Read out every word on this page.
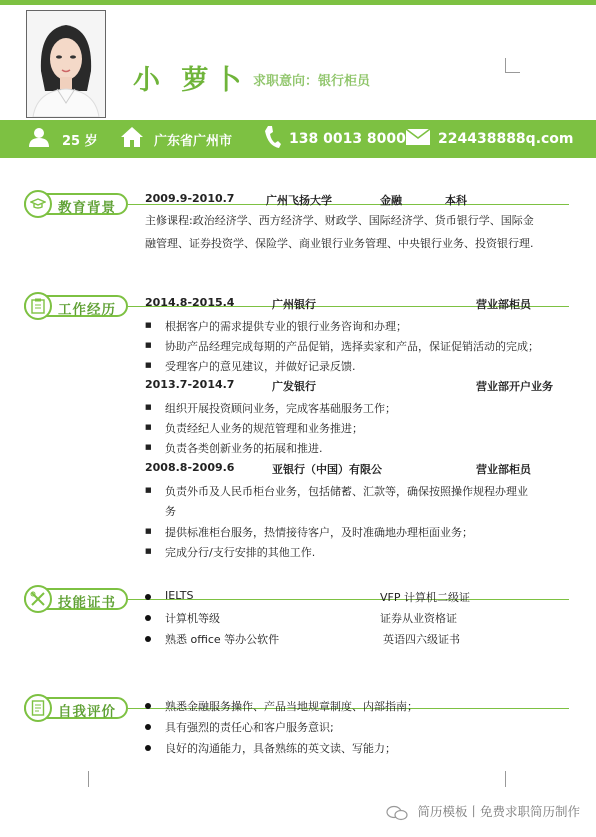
小 萝卜 求职意向：银行柜员
25 岁	广东省广州市	138 0013 8000 224438888q.com
教育背景
2009.9-2010.7	广州飞扬大学	金融	本科
主修课程:政治经济学、西方经济学、财政学、国际经济学、货币银行学、国际金
融管理、证券投资学、保险学、商业银行业务管理、中央银行业务、投资银行理.
工作经历	2014.8-2015.4	广州银行	营业部柜员
■ 根据客户的需求提供专业的银行业务咨询和办理；
■ 协助产品经理完成每期的产品促销，选择卖家和产品，保证促销活动的完成；
■ 受理客户的意见建议，并做好记录反馈.
2013.7-2014.7	广发银行	营业部开户业务
■ 组织开展投资顾问业务，完成客基础服务工作；
■ 负责经纪人业务的规范管理和业务推进；
■ 负责各类创新业务的拓展和推进.
2008.8-2009.6	亚银行（中国）有限公	营业部柜员
■ 负责外币及人民币柜台业务，包括储蓄、汇款等，确保按照操作规程办理业
务
■ 提供标准柜台服务，热情接待客户，及时准确地办理柜面业务；
■ 完成分行/支行安排的其他工作.
技能证书	IELTS	VFP 计算机二级证
计算机等级	证券从业资格证
熟悉 office 等办公软件	英语四六级证书
自我评价	熟悉金融服务操作、产品当地规章制度、内部指南；
具有强烈的责任心和客户服务意识;
良好的沟通能力，具备熟练的英文读、写能力；
简历模板丨免费求职简历制作
